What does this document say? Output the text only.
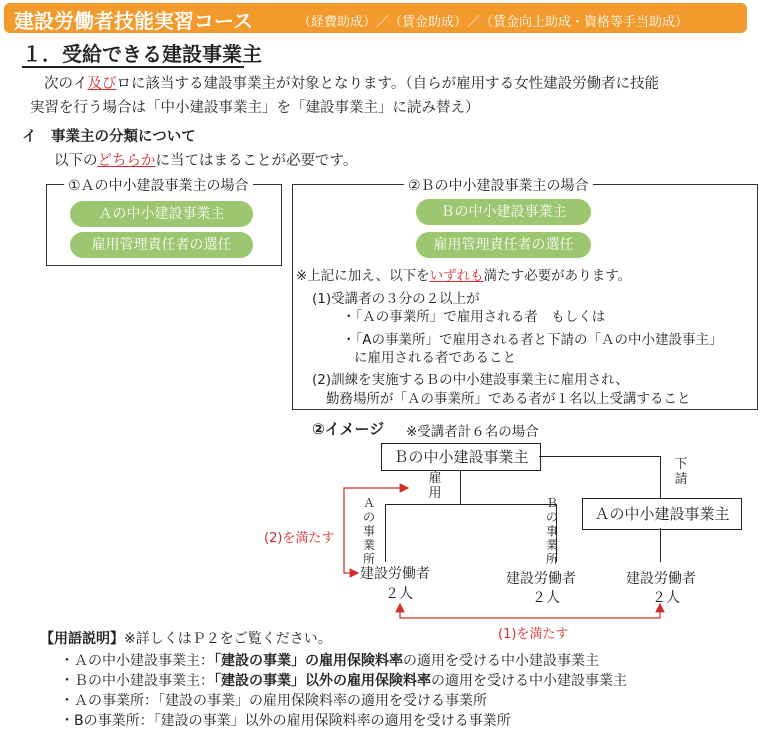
建設労働者技能実習コース	（経費助成）／（賃金助成）／（賃金向上助成・資格等手当助成）
１．受給できる建設事業主
次のイ及びロに該当する建設事業主が対象となります。（自らが雇用する女性建設労働者に技能
実習を行う場合は「中小建設事業主」を「建設事業主」に読み替え）
イ　事業主の分類について
以下のどちらかに当てはまることが必要です。
①Ａの中小建設事業主の場合
Ａの中小建設事業主
雇用管理責任者の選任
②Ｂの中小建設事業主の場合
Ｂの中小建設事業主
雇用管理責任者の選任
※上記に加え、以下をいずれも満たす必要があります。
(1)受講者の３分の２以上が
・「Ａの事業所」で雇用される者　もしくは
・「Aの事業所」で雇用される者と下請の「Ａの中小建設事主」
に雇用される者であること
(2)訓練を実施するＢの中小建設事業主に雇用され、
勤務場所が「Ａの事業所」である者が１名以上受講すること
②イメージ ※受講者計６名の場合
Ｂの中小建設事業主
Ａの中小建設事業主
雇用
下請
Ａの事業所
Ｂの事業所
建設労働者
２人
建設労働者
２人
建設労働者
２人
(2)を満たす
(1)を満たす
【用語説明】※詳しくはＰ２をご覧ください。
・Ａの中小建設事業主：「建設の事業」の雇用保険料率の適用を受ける中小建設事業主
・Ｂの中小建設事業主：「建設の事業」以外の雇用保険料率の適用を受ける中小建設事業主
・Ａの事業所：「建設の事業」の雇用保険料率の適用を受ける事業所
・Bの事業所：「建設の事業」以外の雇用保険料率の適用を受ける事業所
